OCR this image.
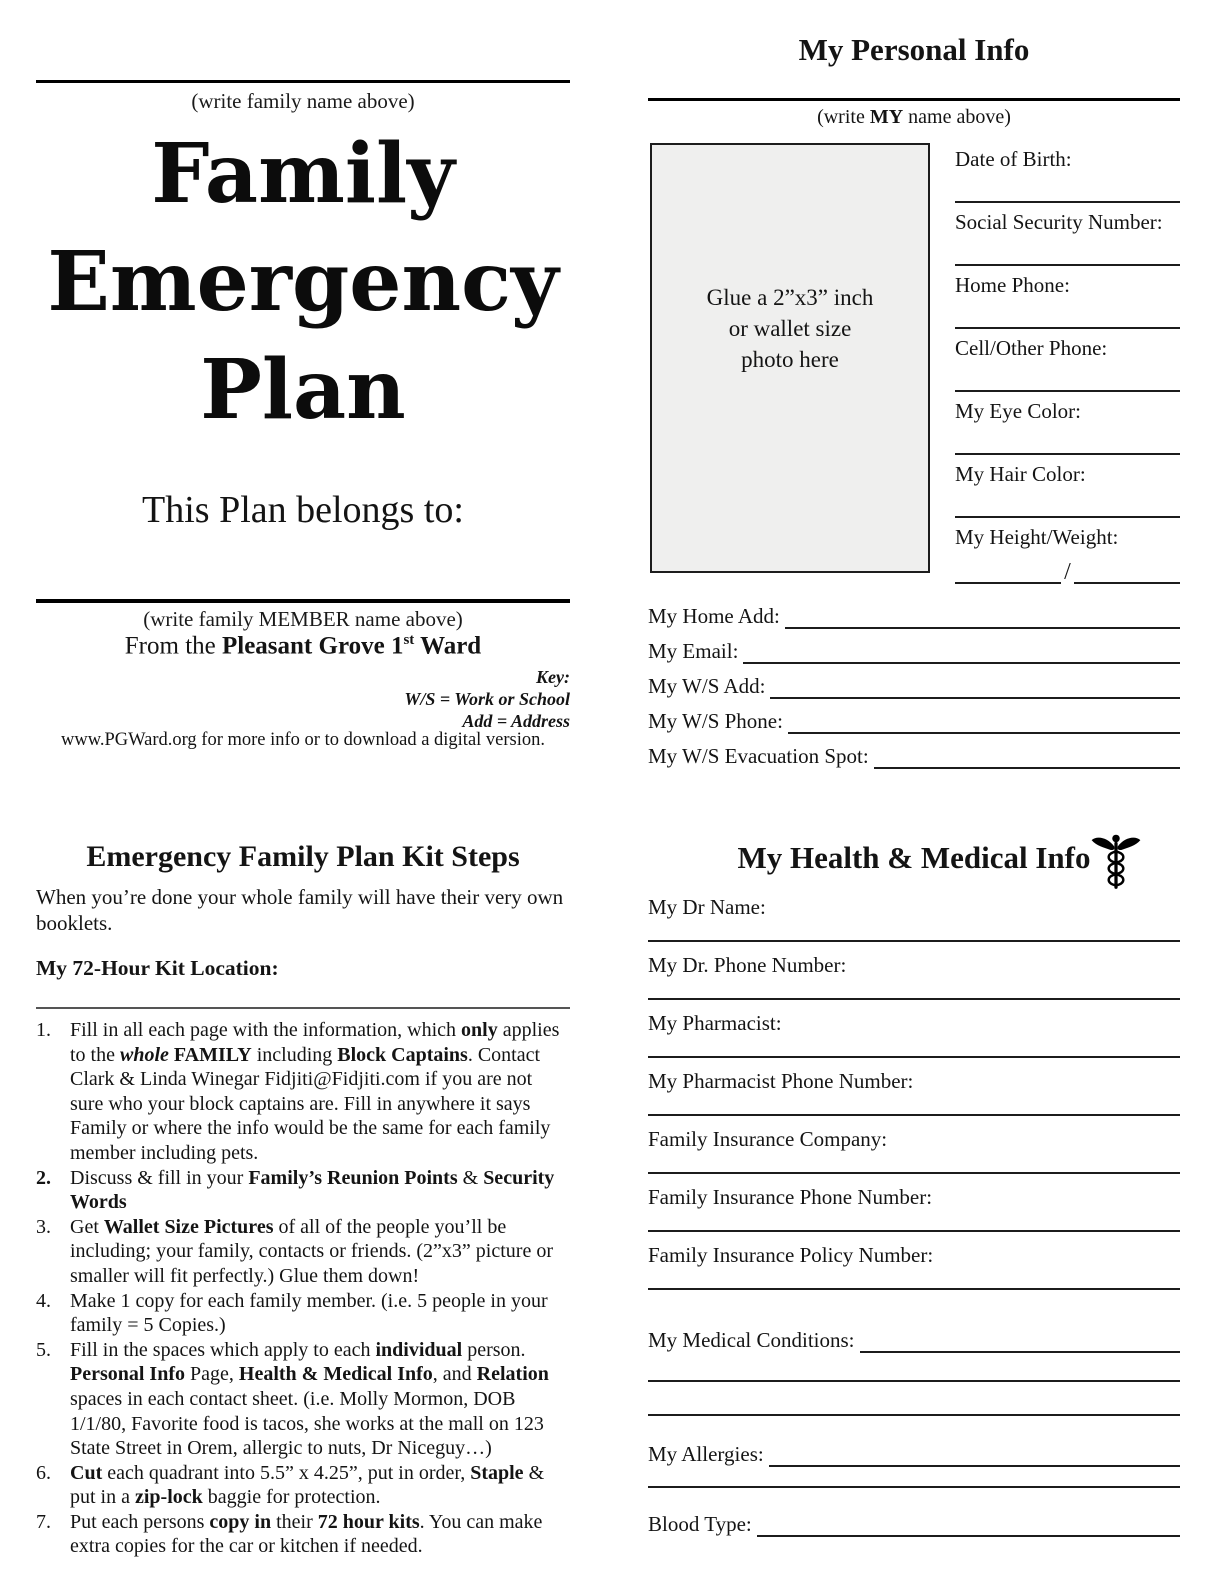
(write family name above)
Family
Emergency
Plan
This Plan belongs to:
(write family MEMBER name above)
From the Pleasant Grove 1st Ward
Key:
W/S = Work or School
Add = Address
www.PGWard.org for more info or to download a digital version.
Emergency Family Plan Kit Steps
When you’re done your whole family will have their very own booklets.
My 72-Hour Kit Location:
1. Fill in all each page with the information, which only applies to the whole FAMILY including Block Captains. Contact Clark & Linda Winegar Fidjiti@Fidjiti.com if you are not sure who your block captains are. Fill in anywhere it says Family or where the info would be the same for each family member including pets.
2. Discuss & fill in your Family’s Reunion Points & Security Words
3. Get Wallet Size Pictures of all of the people you’ll be including; your family, contacts or friends. (2”x3” picture or smaller will fit perfectly.) Glue them down!
4. Make 1 copy for each family member. (i.e. 5 people in your family = 5 Copies.)
5. Fill in the spaces which apply to each individual person. Personal Info Page, Health & Medical Info, and Relation spaces in each contact sheet. (i.e. Molly Mormon, DOB 1/1/80, Favorite food is tacos, she works at the mall on 123 State Street in Orem, allergic to nuts, Dr Niceguy…)
6. Cut each quadrant into 5.5” x 4.25”, put in order, Staple & put in a zip-lock baggie for protection.
7. Put each persons copy in their 72 hour kits. You can make extra copies for the car or kitchen if needed.
My Personal Info
(write MY name above)
Glue a 2”x3” inch
or wallet size
photo here
Date of Birth:
Social Security Number:
Home Phone:
Cell/Other Phone:
My Eye Color:
My Hair Color:
My Height/Weight:
/
My Home Add:
My Email:
My W/S Add:
My W/S Phone:
My W/S Evacuation Spot:
My Health & Medical Info
My Dr Name:
My Dr. Phone Number:
My Pharmacist:
My Pharmacist Phone Number:
Family Insurance Company:
Family Insurance Phone Number:
Family Insurance Policy Number:
My Medical Conditions:
My Allergies:
Blood Type:
